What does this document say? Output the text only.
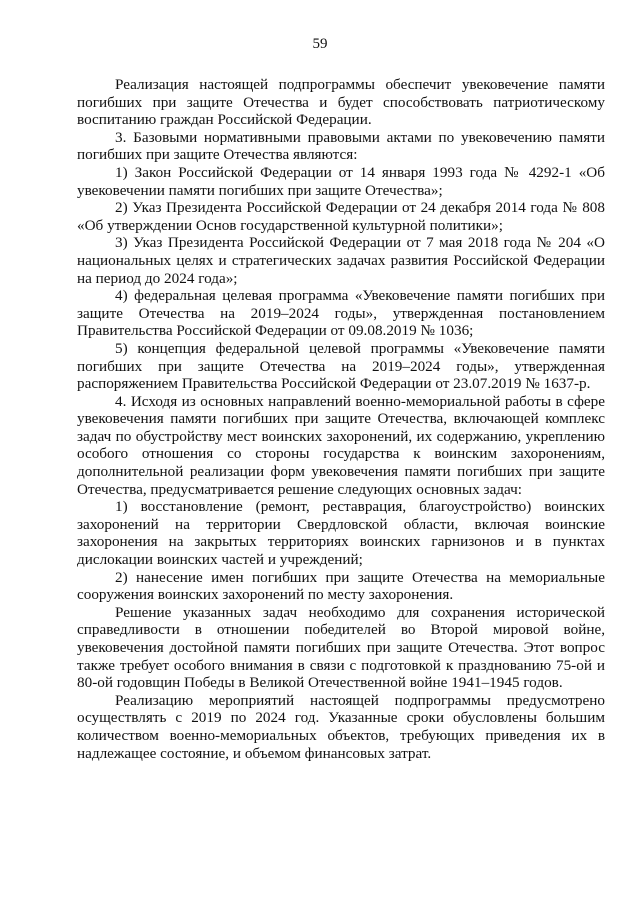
59

Реализация настоящей подпрограммы обеспечит увековечение памяти погибших при защите Отечества и будет способствовать патриотическому воспитанию граждан Российской Федерации.

3. Базовыми нормативными правовыми актами по увековечению памяти погибших при защите Отечества являются:

1) Закон Российской Федерации от 14 января 1993 года № 4292-1 «Об увековечении памяти погибших при защите Отечества»;

2) Указ Президента Российской Федерации от 24 декабря 2014 года № 808 «Об утверждении Основ государственной культурной политики»;

3) Указ Президента Российской Федерации от 7 мая 2018 года № 204 «О национальных целях и стратегических задачах развития Российской Федерации на период до 2024 года»;

4) федеральная целевая программа «Увековечение памяти погибших при защите Отечества на 2019–2024 годы», утвержденная постановлением Правительства Российской Федерации от 09.08.2019 № 1036;

5) концепция федеральной целевой программы «Увековечение памяти погибших при защите Отечества на 2019–2024 годы», утвержденная распоряжением Правительства Российской Федерации от 23.07.2019 № 1637-р.

4. Исходя из основных направлений военно-мемориальной работы в сфере увековечения памяти погибших при защите Отечества, включающей комплекс задач по обустройству мест воинских захоронений, их содержанию, укреплению особого отношения со стороны государства к воинским захоронениям, дополнительной реализации форм увековечения памяти погибших при защите Отечества, предусматривается решение следующих основных задач:

1) восстановление (ремонт, реставрация, благоустройство) воинских захоронений на территории Свердловской области, включая воинские захоронения на закрытых территориях воинских гарнизонов и в пунктах дислокации воинских частей и учреждений;

2) нанесение имен погибших при защите Отечества на мемориальные сооружения воинских захоронений по месту захоронения.

Решение указанных задач необходимо для сохранения исторической справедливости в отношении победителей во Второй мировой войне, увековечения достойной памяти погибших при защите Отечества. Этот вопрос также требует особого внимания в связи с подготовкой к празднованию 75-ой и 80-ой годовщин Победы в Великой Отечественной войне 1941–1945 годов.

Реализацию мероприятий настоящей подпрограммы предусмотрено осуществлять с 2019 по 2024 год. Указанные сроки обусловлены большим количеством военно-мемориальных объектов, требующих приведения их в надлежащее состояние, и объемом финансовых затрат.
